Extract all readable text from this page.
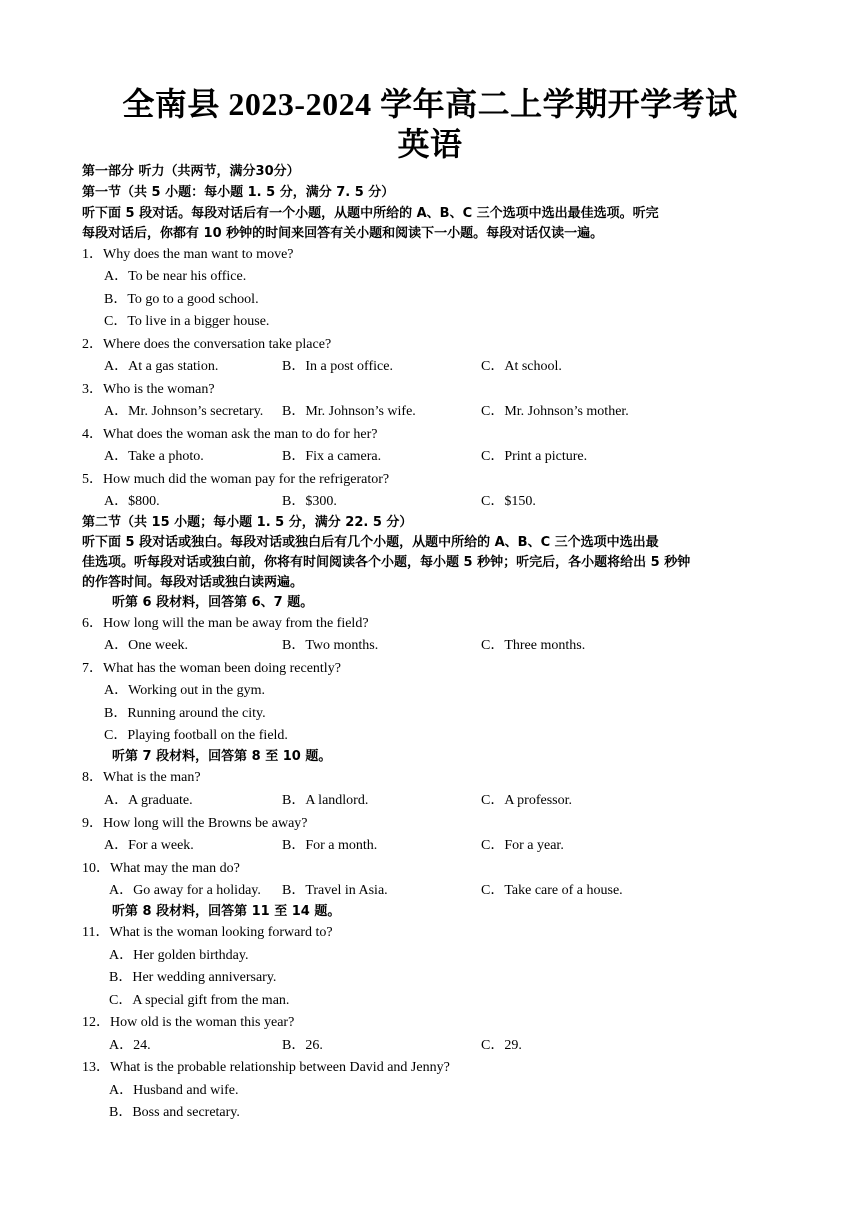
全南县 2023-2024 学年高二上学期开学考试
英语
第一部分 听力（共两节，满分30分）
第一节（共 5 小题：每小题 1. 5 分，满分 7. 5 分）
听下面 5 段对话。每段对话后有一个小题，从题中所给的 A、B、C 三个选项中选出最佳选项。听完
每段对话后，你都有 10 秒钟的时间来回答有关小题和阅读下一小题。每段对话仅读一遍。
1．Why does the man want to move?
A．To be near his office.
B．To go to a good school.
C．To live in a bigger house.
2．Where does the conversation take place?
A．At a gas station.	B．In a post office.	C．At school.
3．Who is the woman?
A．Mr. Johnson’s secretary. B．Mr. Johnson’s wife.	C．Mr. Johnson’s mother.
4．What does the woman ask the man to do for her?
A．Take a photo.	B．Fix a camera.	C．Print a picture.
5．How much did the woman pay for the refrigerator?
A．$800.	B．$300.	C．$150.
第二节（共 15 小题；每小题 1. 5 分，满分 22. 5 分）
听下面 5 段对话或独白。每段对话或独白后有几个小题，从题中所给的 A、B、C 三个选项中选出最
佳选项。听每段对话或独白前，你将有时间阅读各个小题，每小题 5 秒钟；听完后，各小题将给出 5 秒钟
的作答时间。每段对话或独白读两遍。
听第 6 段材料，回答第 6、7 题。
6．How long will the man be away from the field?
A．One week.	B．Two months.	C．Three months.
7．What has the woman been doing recently?
A．Working out in the gym.
B．Running around the city.
C．Playing football on the field.
听第 7 段材料，回答第 8 至 10 题。
8．What is the man?
A．A graduate.	B．A landlord.	C．A professor.
9．How long will the Browns be away?
A．For a week.	B．For a month.	C．For a year.
10．What may the man do?
A．Go away for a holiday. B．Travel in Asia.	C．Take care of a house.
听第 8 段材料，回答第 11 至 14 题。
11．What is the woman looking forward to?
A．Her golden birthday.
B．Her wedding anniversary.
C．A special gift from the man.
12．How old is the woman this year?
A．24.	B．26.	C．29.
13．What is the probable relationship between David and Jenny?
A．Husband and wife.
B．Boss and secretary.
